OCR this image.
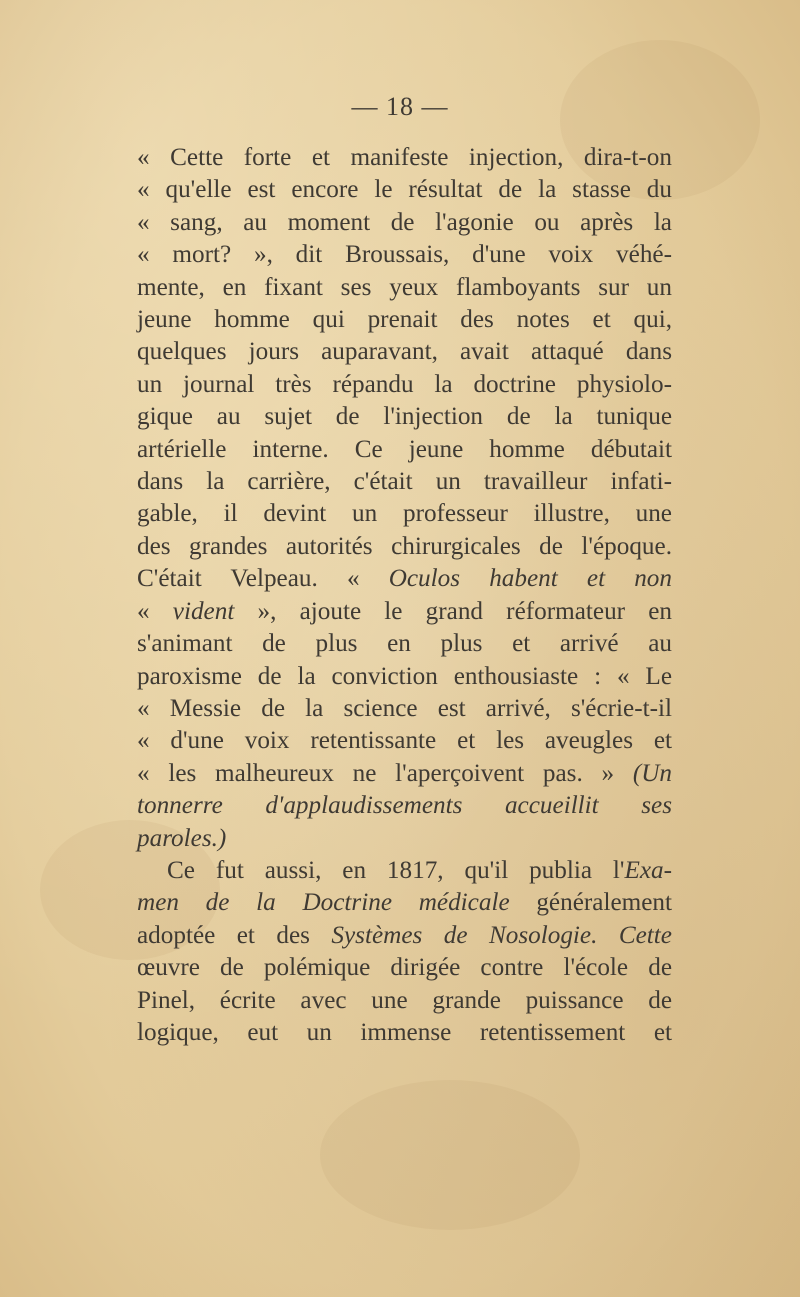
— 18 —
« Cette forte et manifeste injection, dira-t-on
« qu'elle est encore le résultat de la stasse du
« sang, au moment de l'agonie ou après la
« mort? », dit Broussais, d'une voix véhé-
mente, en fixant ses yeux flamboyants sur un
jeune homme qui prenait des notes et qui,
quelques jours auparavant, avait attaqué dans
un journal très répandu la doctrine physiolo-
gique au sujet de l'injection de la tunique
artérielle interne. Ce jeune homme débutait
dans la carrière, c'était un travailleur infati-
gable, il devint un professeur illustre, une
des grandes autorités chirurgicales de l'époque.
C'était Velpeau. « Oculos habent et non
« vident », ajoute le grand réformateur en
s'animant de plus en plus et arrivé au
paroxisme de la conviction enthousiaste : « Le
« Messie de la science est arrivé, s'écrie-t-il
« d'une voix retentissante et les aveugles et
« les malheureux ne l'aperçoivent pas. » (Un
tonnerre d'applaudissements accueillit ses
paroles.)
Ce fut aussi, en 1817, qu'il publia l'Exa-
men de la Doctrine médicale généralement
adoptée et des Systèmes de Nosologie. Cette
œuvre de polémique dirigée contre l'école de
Pinel, écrite avec une grande puissance de
logique, eut un immense retentissement et
